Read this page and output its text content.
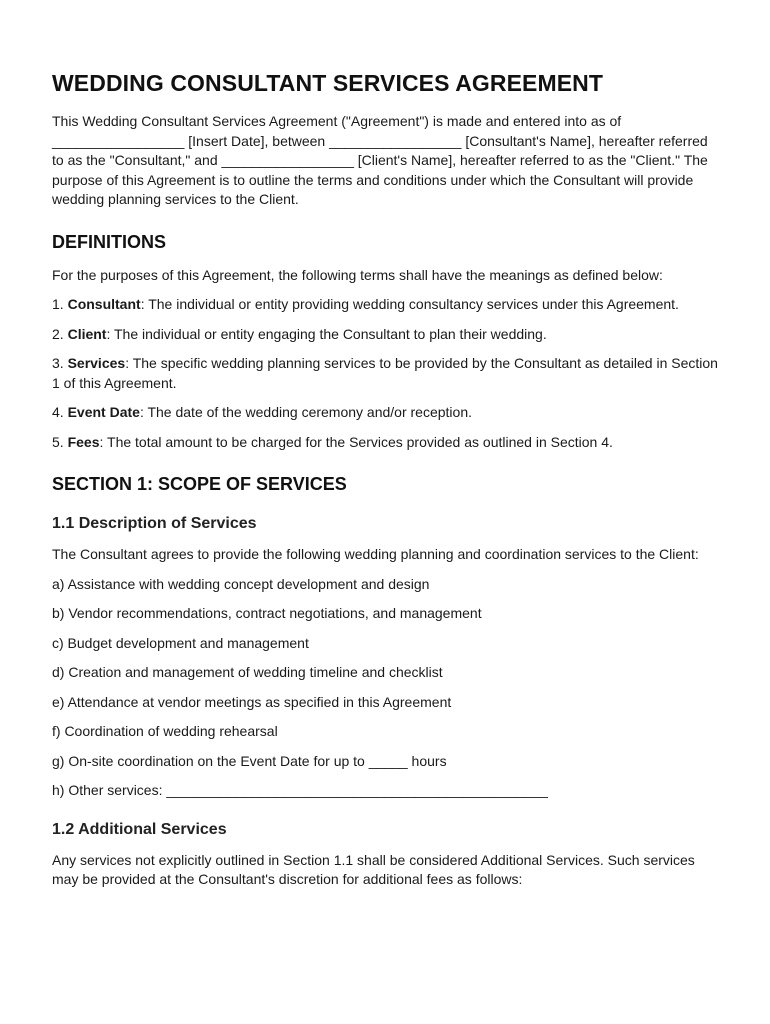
WEDDING CONSULTANT SERVICES AGREEMENT

This Wedding Consultant Services Agreement ("Agreement") is made and entered into as of _________________ [Insert Date], between _________________ [Consultant's Name], hereafter referred to as the "Consultant," and _________________ [Client's Name], hereafter referred to as the "Client." The purpose of this Agreement is to outline the terms and conditions under which the Consultant will provide wedding planning services to the Client.

DEFINITIONS

For the purposes of this Agreement, the following terms shall have the meanings as defined below:

1. Consultant: The individual or entity providing wedding consultancy services under this Agreement.

2. Client: The individual or entity engaging the Consultant to plan their wedding.

3. Services: The specific wedding planning services to be provided by the Consultant as detailed in Section 1 of this Agreement.

4. Event Date: The date of the wedding ceremony and/or reception.

5. Fees: The total amount to be charged for the Services provided as outlined in Section 4.

SECTION 1: SCOPE OF SERVICES
1.1 Description of Services

The Consultant agrees to provide the following wedding planning and coordination services to the Client:

a) Assistance with wedding concept development and design

b) Vendor recommendations, contract negotiations, and management

c) Budget development and management

d) Creation and management of wedding timeline and checklist

e) Attendance at vendor meetings as specified in this Agreement

f) Coordination of wedding rehearsal

g) On-site coordination on the Event Date for up to _____ hours

h) Other services: _________________________________________________

1.2 Additional Services

Any services not explicitly outlined in Section 1.1 shall be considered Additional Services. Such services may be provided at the Consultant's discretion for additional fees as follows:
